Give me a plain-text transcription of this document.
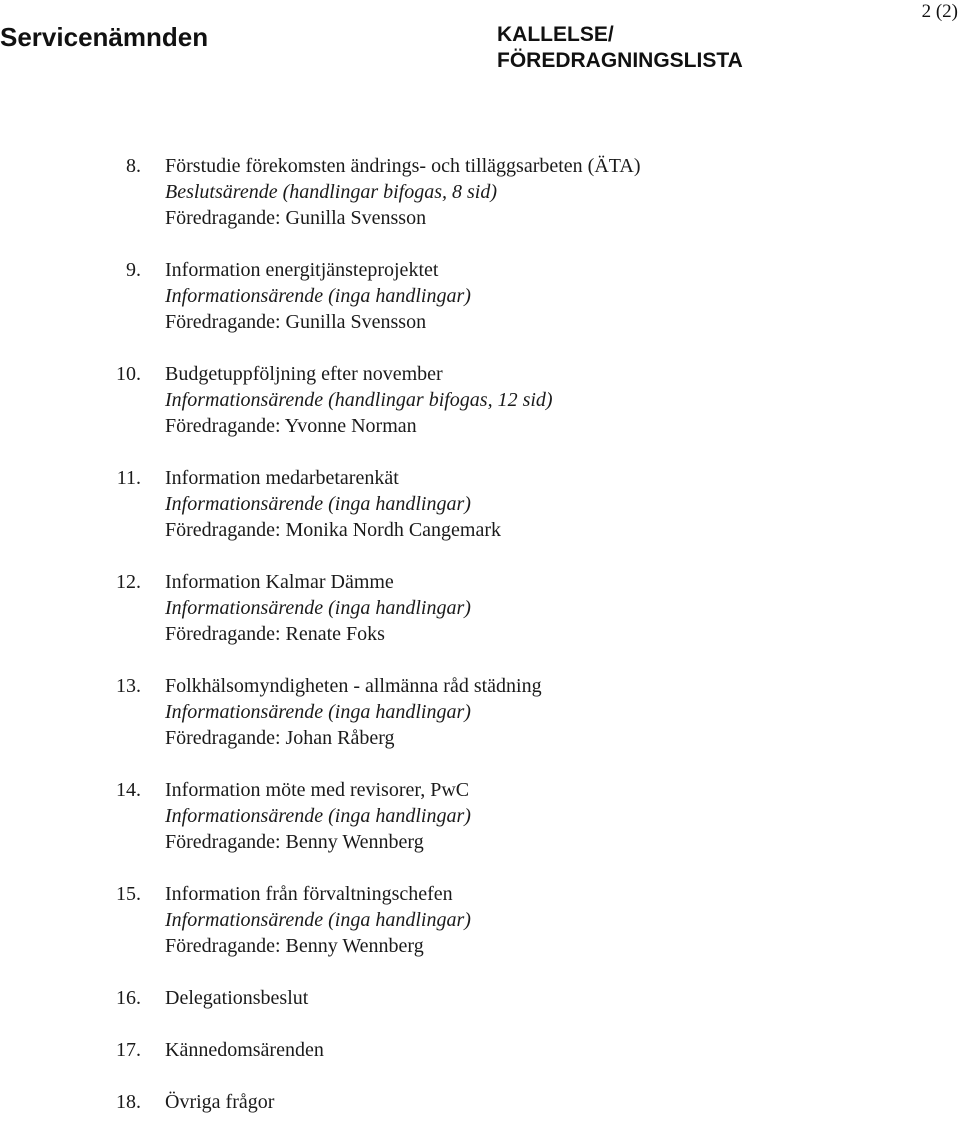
2 (2)
Servicenämnden	KALLELSE/
FÖREDRAGNINGSLISTA
8. Förstudie förekomsten ändrings- och tilläggsarbeten (ÄTA)
Beslutsärende (handlingar bifogas, 8 sid)
Föredragande: Gunilla Svensson
9. Information energitjänsteprojektet
Informationsärende (inga handlingar)
Föredragande: Gunilla Svensson
10. Budgetuppföljning efter november
Informationsärende (handlingar bifogas, 12 sid)
Föredragande: Yvonne Norman
11. Information medarbetarenkät
Informationsärende (inga handlingar)
Föredragande: Monika Nordh Cangemark
12. Information Kalmar Dämme
Informationsärende (inga handlingar)
Föredragande: Renate Foks
13. Folkhälsomyndigheten - allmänna råd städning
Informationsärende (inga handlingar)
Föredragande: Johan Råberg
14. Information möte med revisorer, PwC
Informationsärende (inga handlingar)
Föredragande: Benny Wennberg
15. Information från förvaltningschefen
Informationsärende (inga handlingar)
Föredragande: Benny Wennberg
16. Delegationsbeslut
17. Kännedomsärenden
18. Övriga frågor
